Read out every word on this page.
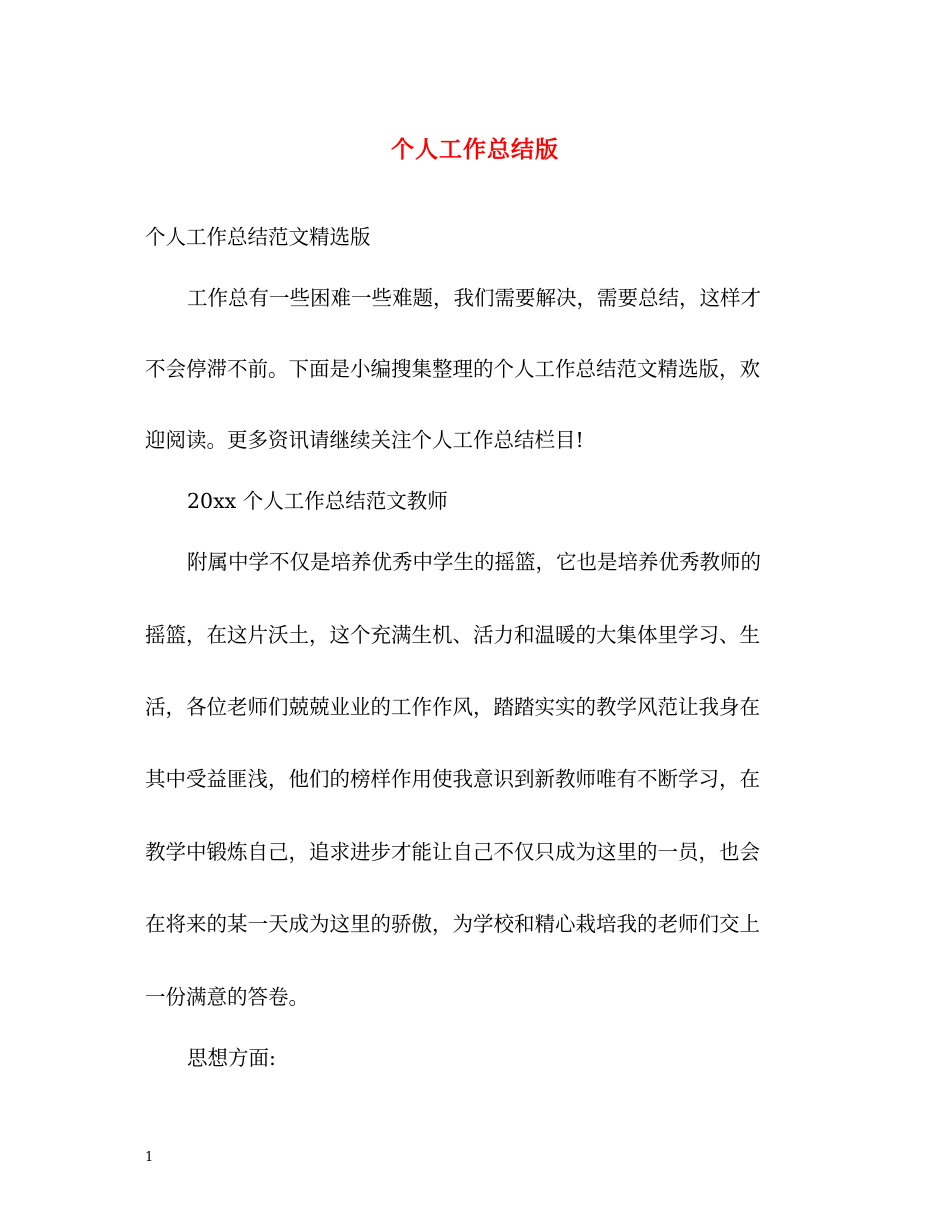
个人工作总结版
个人工作总结范文精选版
工作总有一些困难一些难题，我们需要解决，需要总结，这样才
不会停滞不前。下面是小编搜集整理的个人工作总结范文精选版，欢
迎阅读。更多资讯请继续关注个人工作总结栏目!
20xx 个人工作总结范文教师
附属中学不仅是培养优秀中学生的摇篮，它也是培养优秀教师的
摇篮，在这片沃土，这个充满生机、活力和温暖的大集体里学习、生
活，各位老师们兢兢业业的工作作风，踏踏实实的教学风范让我身在
其中受益匪浅，他们的榜样作用使我意识到新教师唯有不断学习，在
教学中锻炼自己，追求进步才能让自己不仅只成为这里的一员，也会
在将来的某一天成为这里的骄傲，为学校和精心栽培我的老师们交上
一份满意的答卷。
思想方面:
1
